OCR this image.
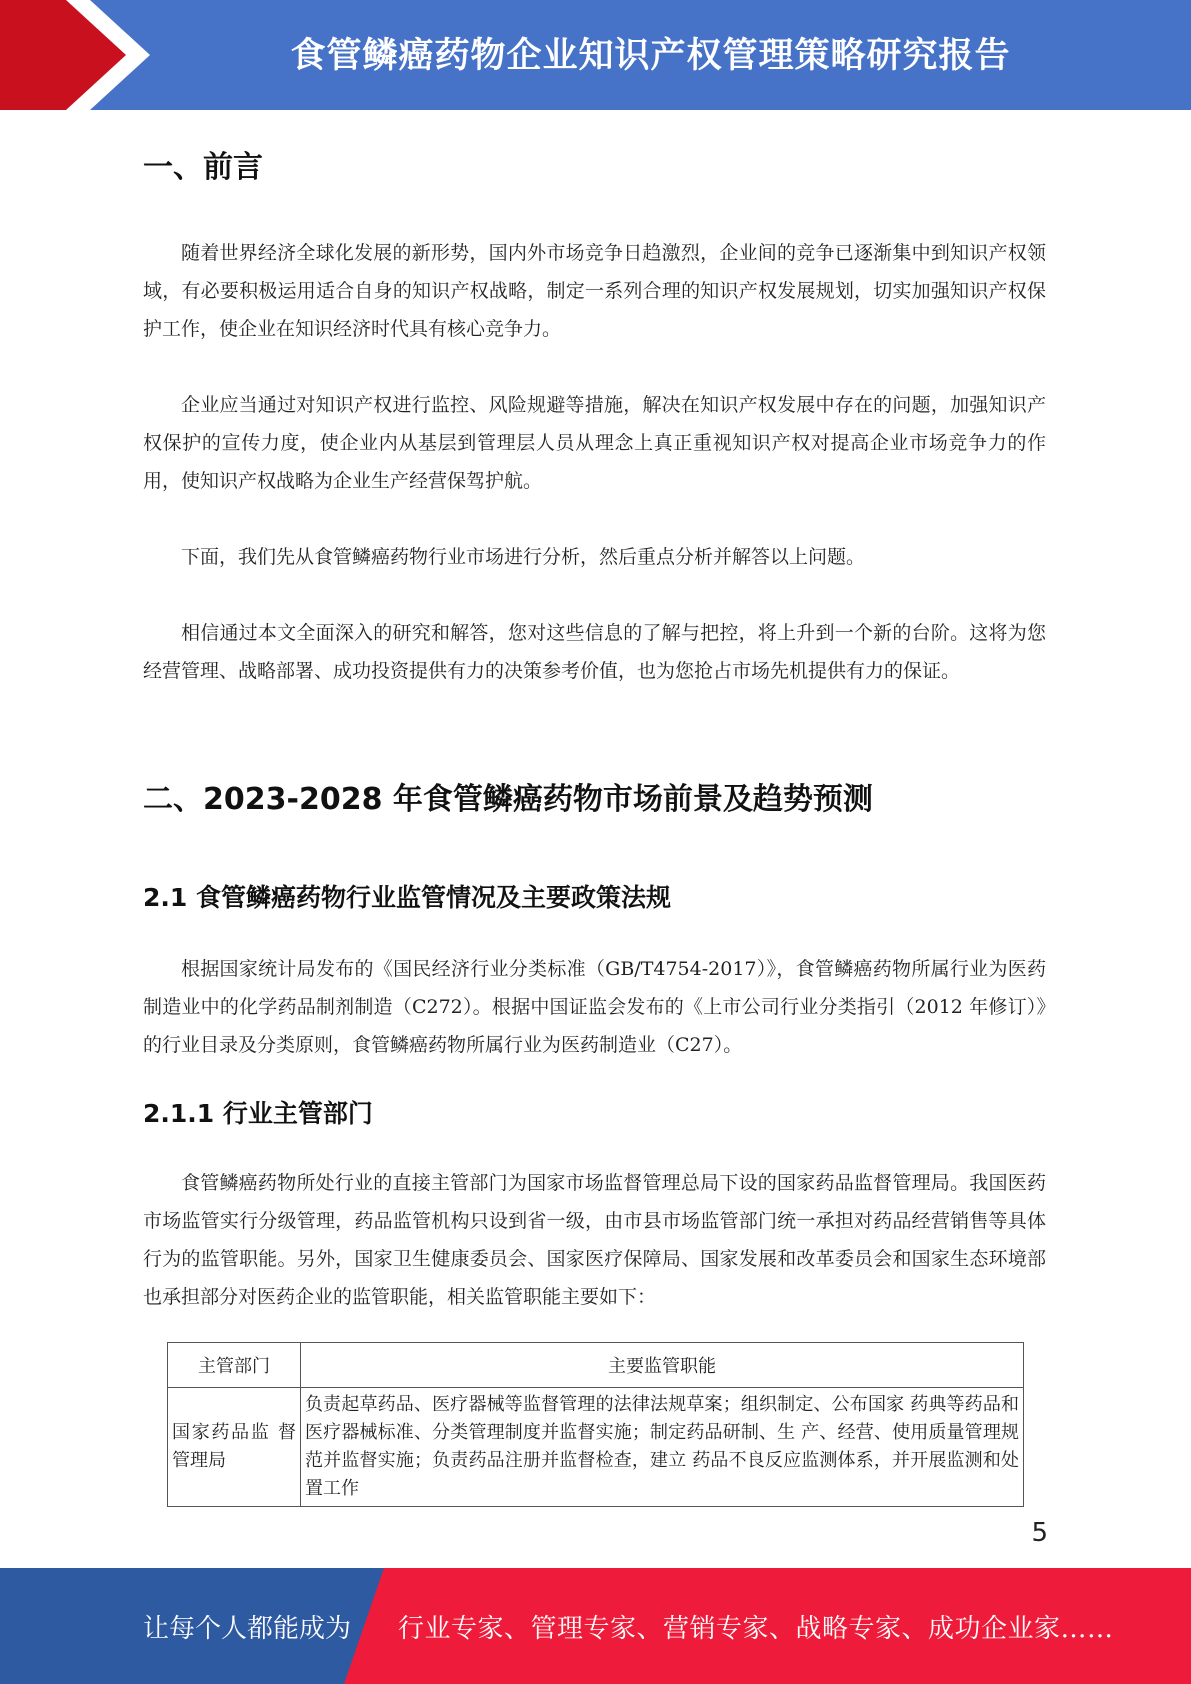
食管鳞癌药物企业知识产权管理策略研究报告
一、前言

随着世界经济全球化发展的新形势，国内外市场竞争日趋激烈，企业间的竞争已逐渐集中到知识产权领域，有必要积极运用适合自身的知识产权战略，制定一系列合理的知识产权发展规划，切实加强知识产权保护工作，使企业在知识经济时代具有核心竞争力。

企业应当通过对知识产权进行监控、风险规避等措施，解决在知识产权发展中存在的问题，加强知识产权保护的宣传力度，使企业内从基层到管理层人员从理念上真正重视知识产权对提高企业市场竞争力的作用，使知识产权战略为企业生产经营保驾护航。

下面，我们先从食管鳞癌药物行业市场进行分析，然后重点分析并解答以上问题。

相信通过本文全面深入的研究和解答，您对这些信息的了解与把控，将上升到一个新的台阶。这将为您经营管理、战略部署、成功投资提供有力的决策参考价值，也为您抢占市场先机提供有力的保证。

二、2023-2028 年食管鳞癌药物市场前景及趋势预测
2.1 食管鳞癌药物行业监管情况及主要政策法规

根据国家统计局发布的《国民经济行业分类标准（GB/T4754-2017）》，食管鳞癌药物所属行业为医药制造业中的化学药品制剂制造（C272）。根据中国证监会发布的《上市公司行业分类指引（2012 年修订）》的行业目录及分类原则，食管鳞癌药物所属行业为医药制造业（C27）。

2.1.1 行业主管部门

食管鳞癌药物所处行业的直接主管部门为国家市场监督管理总局下设的国家药品监督管理局。我国医药市场监管实行分级管理，药品监管机构只设到省一级，由市县市场监管部门统一承担对药品经营销售等具体行为的监管职能。另外，国家卫生健康委员会、国家医疗保障局、国家发展和改革委员会和国家生态环境部也承担部分对医药企业的监管职能，相关监管职能主要如下：

主管部门	主要监管职能
国家药品监 督管理局	负责起草药品、医疗器械等监督管理的法律法规草案；组织制定、公布国家 药典等药品和医疗器械标准、分类管理制度并监督实施；制定药品研制、生 产、经营、使用质量管理规范并监督实施；负责药品注册并监督检查，建立 药品不良反应监测体系，并开展监测和处置工作
5
让每个人都能成为 行业专家、管理专家、营销专家、战略专家、成功企业家……
